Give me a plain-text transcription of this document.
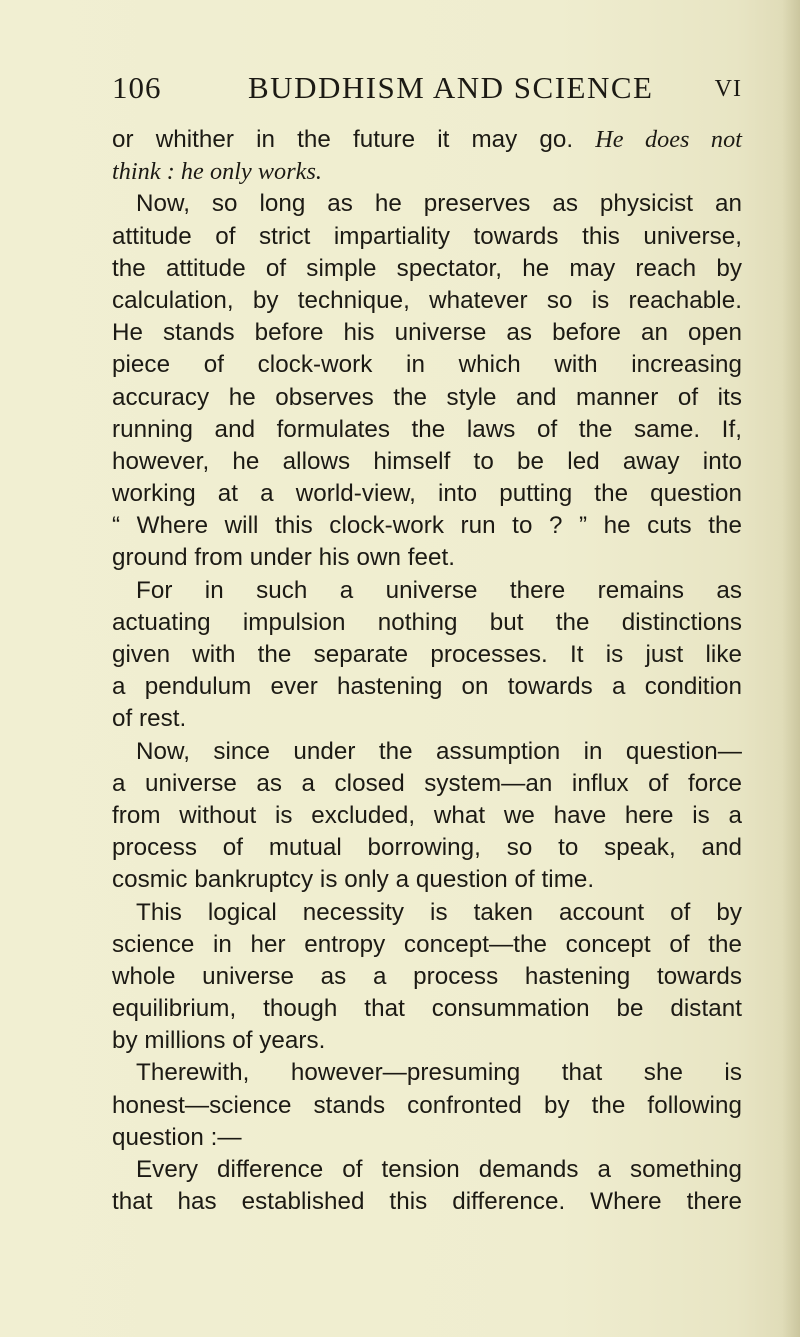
106	BUDDHISM AND SCIENCE	VI
or whither in the future it may go. He does not
think : he only works.
Now, so long as he preserves as physicist an
attitude of strict impartiality towards this universe,
the attitude of simple spectator, he may reach by
calculation, by technique, whatever so is reachable.
He stands before his universe as before an open
piece of clock-work in which with increasing
accuracy he observes the style and manner of its
running and formulates the laws of the same. If,
however, he allows himself to be led away into
working at a world-view, into putting the question
“ Where will this clock-work run to ? ” he cuts the
ground from under his own feet.
For in such a universe there remains as
actuating impulsion nothing but the distinctions
given with the separate processes. It is just like
a pendulum ever hastening on towards a condition
of rest.
Now, since under the assumption in question—
a universe as a closed system—an influx of force
from without is excluded, what we have here is a
process of mutual borrowing, so to speak, and
cosmic bankruptcy is only a question of time.
This logical necessity is taken account of by
science in her entropy concept—the concept of the
whole universe as a process hastening towards
equilibrium, though that consummation be distant
by millions of years.
Therewith, however—presuming that she is
honest—science stands confronted by the following
question :—
Every difference of tension demands a something
that has established this difference. Where there
